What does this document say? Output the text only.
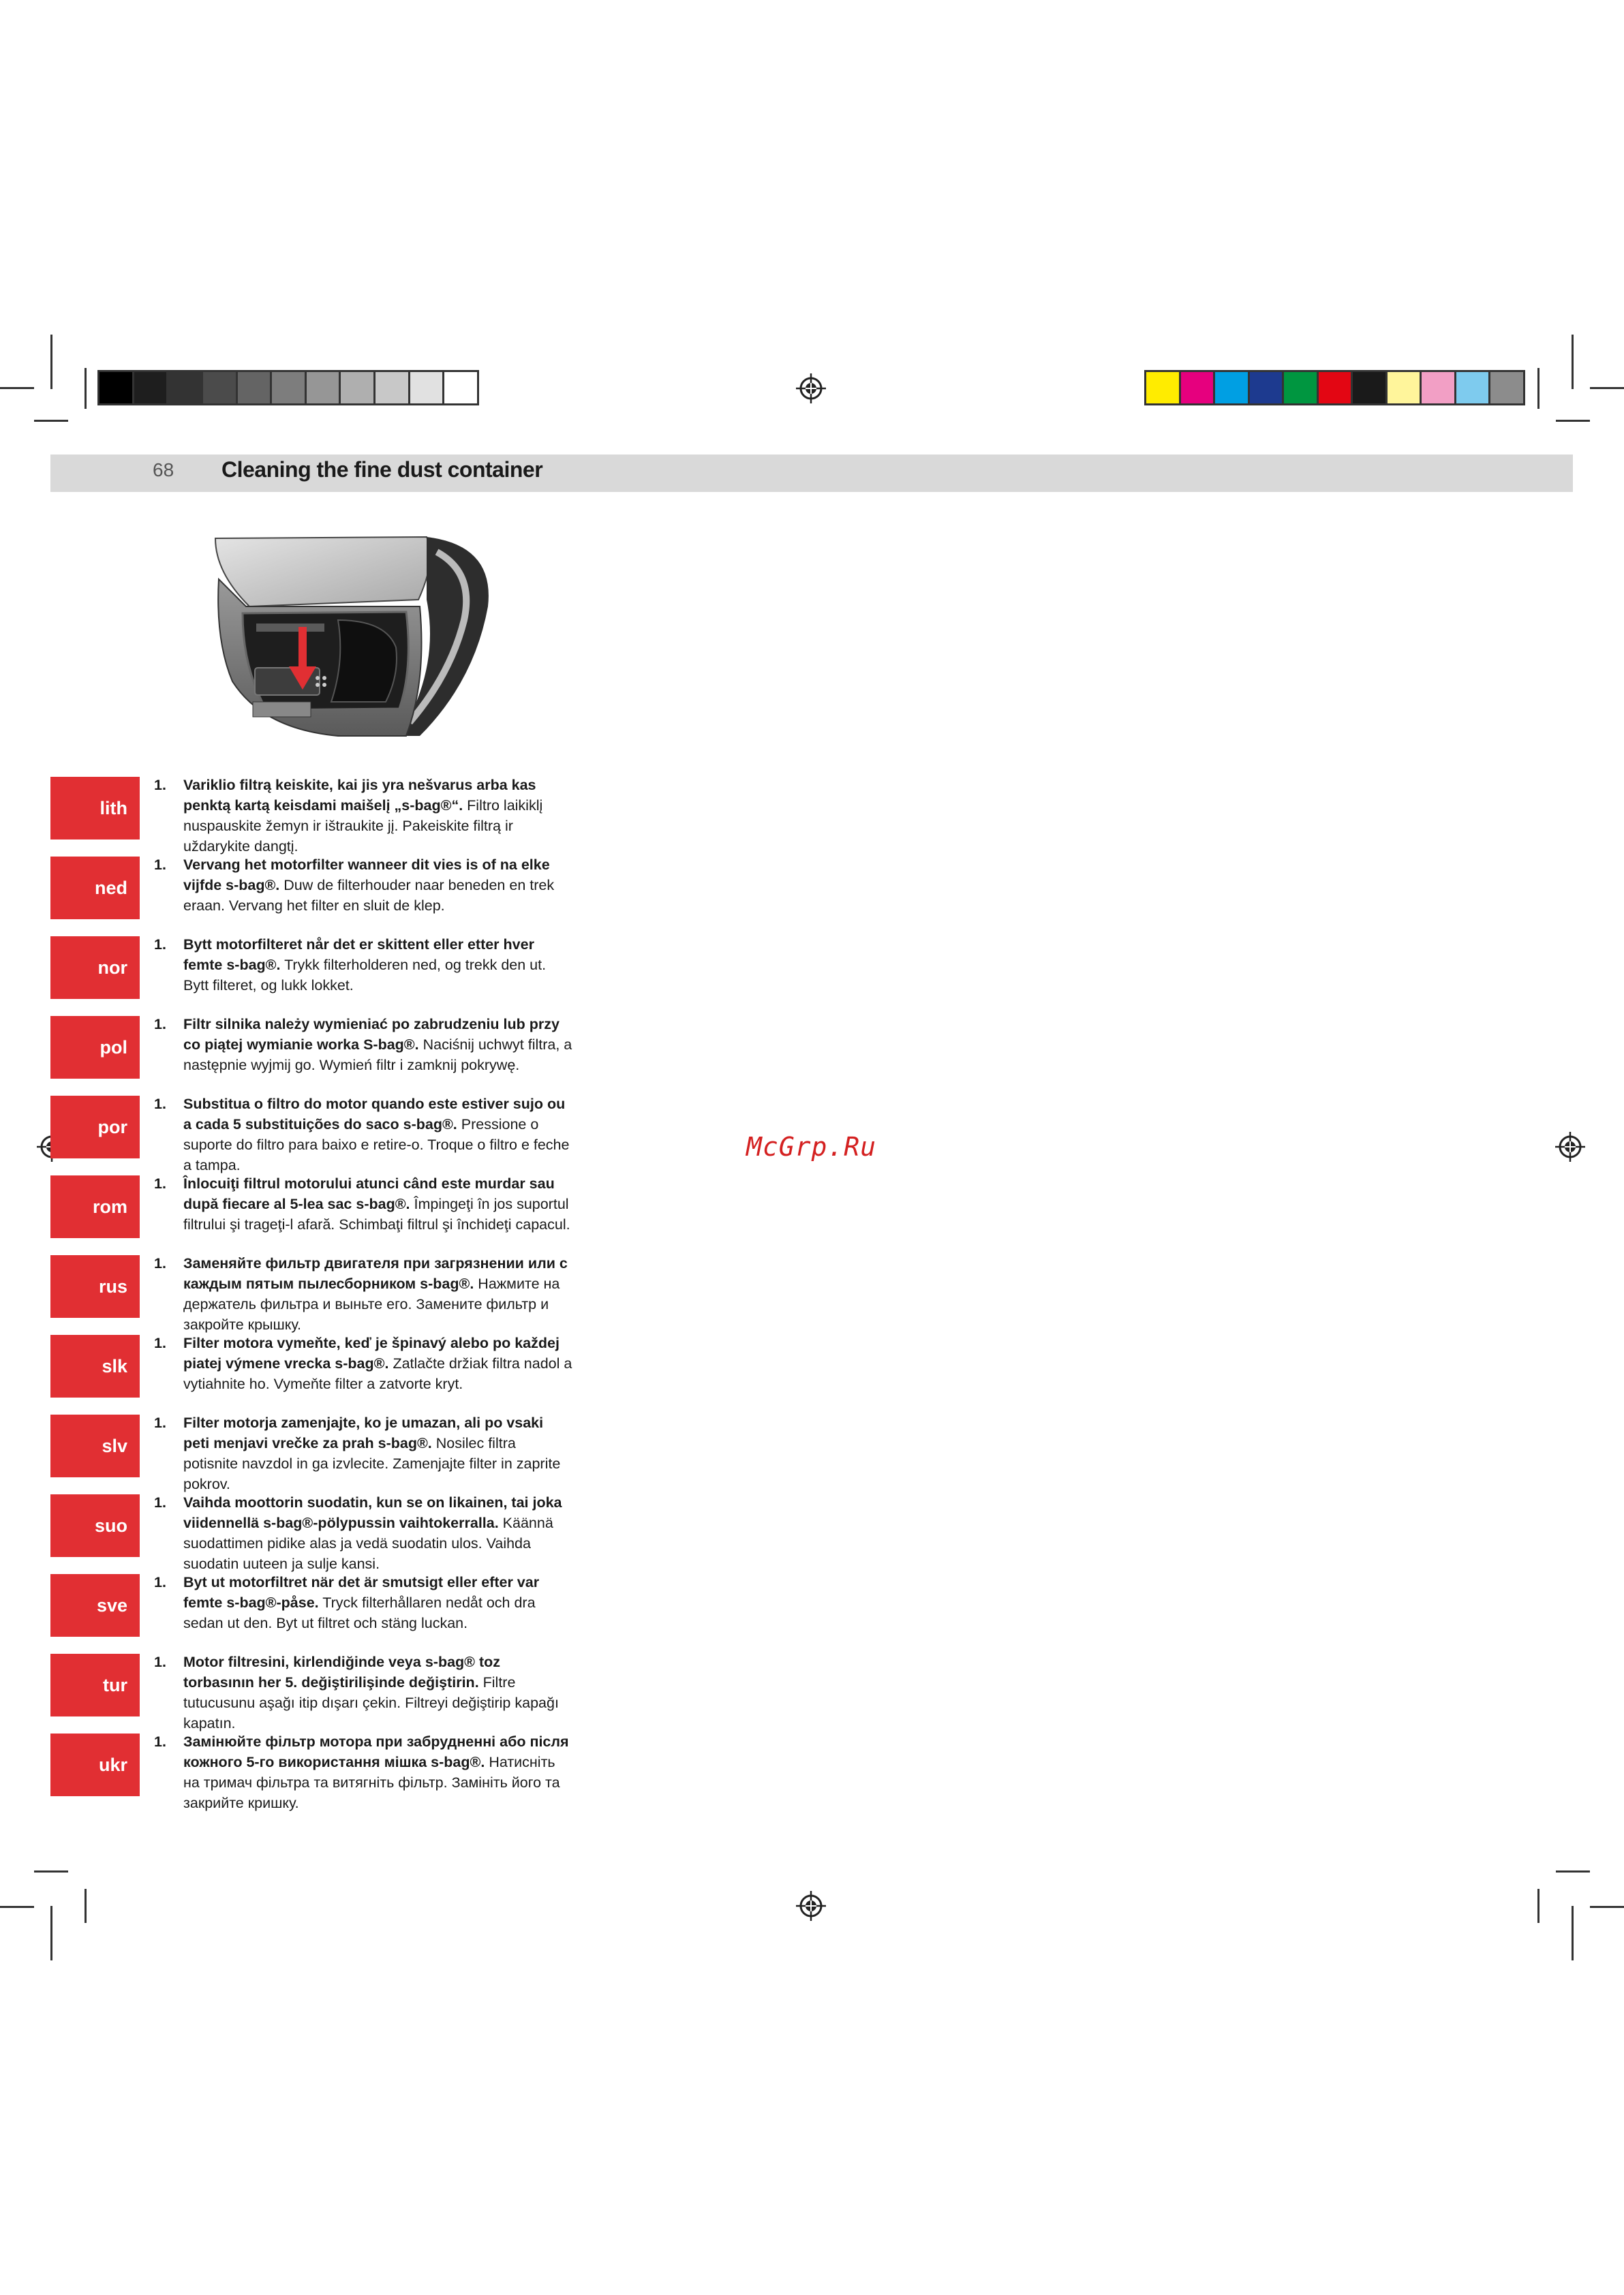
68 Cleaning the fine dust container
lith
ned
nor
pol
por
rom
rus
slk
slv
suo
sve
tur
ukr
1. Variklio filtrą keiskite, kai jis yra nešvarus arba kas penktą kartą keisdami maišelį „s-bag®“. Filtro laikiklį nuspauskite žemyn ir ištraukite jį. Pakeiskite filtrą ir uždarykite dangtį.
1. Vervang het motorfilter wanneer dit vies is of na elke vijfde s-bag®. Duw de filterhouder naar beneden en trek eraan. Vervang het filter en sluit de klep.
1. Bytt motorfilteret når det er skittent eller etter hver femte s-bag®. Trykk filterholderen ned, og trekk den ut. Bytt filteret, og lukk lokket.
1. Filtr silnika należy wymieniać po zabrudzeniu lub przy co piątej wymianie worka S-bag®. Naciśnij uchwyt filtra, a następnie wyjmij go. Wymień filtr i zamknij pokrywę.
1. Substitua o filtro do motor quando este estiver sujo ou a cada 5 substituições do saco s-bag®. Pressione o suporte do filtro para baixo e retire-o. Troque o filtro e feche a tampa.
1. Înlocuiţi filtrul motorului atunci când este murdar sau după fiecare al 5-lea sac s-bag®. Împingeţi în jos suportul filtrului şi trageţi-l afară. Schimbaţi filtrul şi închideţi capacul.
1. Заменяйте фильтр двигателя при загрязнении или с каждым пятым пылесборником s-bag®. Нажмите на держатель фильтра и выньте его. Замените фильтр и закройте крышку.
1. Filter motora vymeňte, keď je špinavý alebo po každej piatej výmene vrecka s-bag®. Zatlačte držiak filtra nadol a vytiahnite ho. Vymeňte filter a zatvorte kryt.
1. Filter motorja zamenjajte, ko je umazan, ali po vsaki peti menjavi vrečke za prah s-bag®. Nosilec filtra potisnite navzdol in ga izvlecite. Zamenjajte filter in zaprite pokrov.
1. Vaihda moottorin suodatin, kun se on likainen, tai joka viidennellä s-bag®-pölypussin vaihtokerralla. Käännä suodattimen pidike alas ja vedä suodatin ulos. Vaihda suodatin uuteen ja sulje kansi.
1. Byt ut motorfiltret när det är smutsigt eller efter var femte s-bag®-påse. Tryck filterhållaren nedåt och dra sedan ut den. Byt ut filtret och stäng luckan.
1. Motor filtresini, kirlendiğinde veya s-bag® toz torbasının her 5. değiştirilişinde değiştirin. Filtre tutucusunu aşağı itip dışarı çekin. Filtreyi değiştirip kapağı kapatın.
1. Замінюйте фільтр мотора при забрудненні або після кожного 5-го використання мішка s-bag®. Натисніть на тримач фільтра та витягніть фільтр. Замініть його та закрийте кришку.
McGrp.Ru
